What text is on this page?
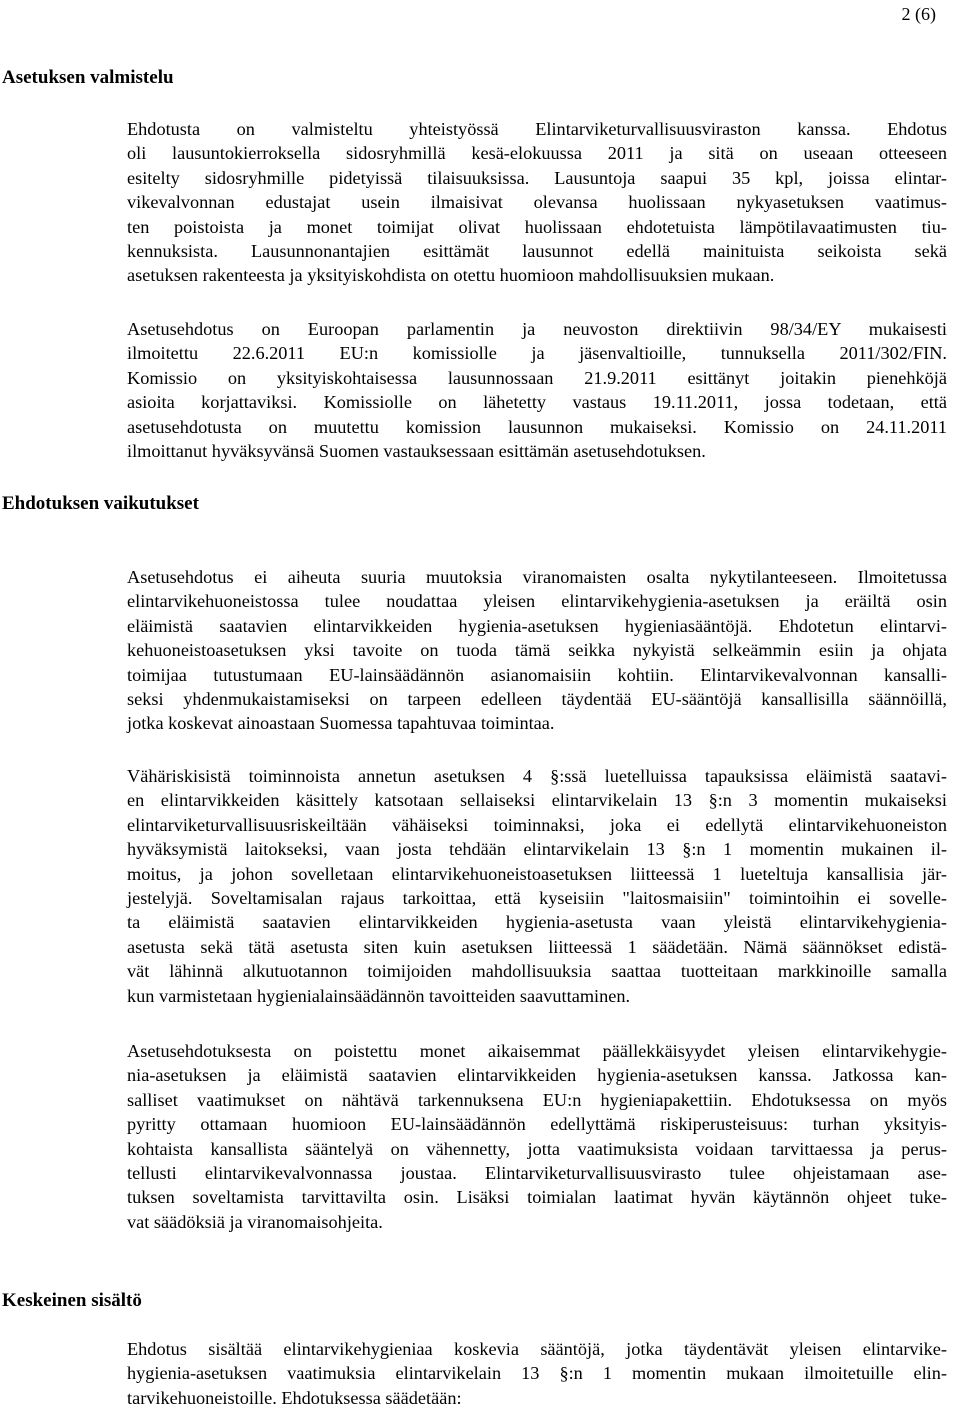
2 (6)
Asetuksen valmistelu
Ehdotusta on valmisteltu yhteistyössä Elintarviketurvallisuusviraston kanssa. Ehdotus
oli lausuntokierroksella sidosryhmillä kesä-elokuussa 2011 ja sitä on useaan otteeseen
esitelty sidosryhmille pidetyissä tilaisuuksissa. Lausuntoja saapui 35 kpl, joissa elintar-
vikevalvonnan edustajat usein ilmaisivat olevansa huolissaan nykyasetuksen vaatimus-
ten poistoista ja monet toimijat olivat huolissaan ehdotetuista lämpötilavaatimusten tiu-
kennuksista. Lausunnonantajien esittämät lausunnot edellä mainituista seikoista sekä
asetuksen rakenteesta ja yksityiskohdista on otettu huomioon mahdollisuuksien mukaan.
Asetusehdotus on Euroopan parlamentin ja neuvoston direktiivin 98/34/EY mukaisesti
ilmoitettu 22.6.2011 EU:n komissiolle ja jäsenvaltioille, tunnuksella 2011/302/FIN.
Komissio on yksityiskohtaisessa lausunnossaan 21.9.2011 esittänyt joitakin pienehköjä
asioita korjattaviksi. Komissiolle on lähetetty vastaus 19.11.2011, jossa todetaan, että
asetusehdotusta on muutettu komission lausunnon mukaiseksi. Komissio on 24.11.2011
ilmoittanut hyväksyvänsä Suomen vastauksessaan esittämän asetusehdotuksen.
Ehdotuksen vaikutukset
Asetusehdotus ei aiheuta suuria muutoksia viranomaisten osalta nykytilanteeseen. Ilmoitetussa
elintarvikehuoneistossa tulee noudattaa yleisen elintarvikehygienia-asetuksen ja eräiltä osin
eläimistä saatavien elintarvikkeiden hygienia-asetuksen hygieniasääntöjä. Ehdotetun elintarvi-
kehuoneistoasetuksen yksi tavoite on tuoda tämä seikka nykyistä selkeämmin esiin ja ohjata
toimijaa tutustumaan EU-lainsäädännön asianomaisiin kohtiin. Elintarvikevalvonnan kansalli-
seksi yhdenmukaistamiseksi on tarpeen edelleen täydentää EU-sääntöjä kansallisilla säännöillä,
jotka koskevat ainoastaan Suomessa tapahtuvaa toimintaa.
Vähäriskisistä toiminnoista annetun asetuksen 4 §:ssä luetelluissa tapauksissa eläimistä saatavi-
en elintarvikkeiden käsittely katsotaan sellaiseksi elintarvikelain 13 §:n 3 momentin mukaiseksi
elintarviketurvallisuusriskeiltään vähäiseksi toiminnaksi, joka ei edellytä elintarvikehuoneiston
hyväksymistä laitokseksi, vaan josta tehdään elintarvikelain 13 §:n 1 momentin mukainen il-
moitus, ja johon sovelletaan elintarvikehuoneistoasetuksen liitteessä 1 lueteltuja kansallisia jär-
jestelyjä. Soveltamisalan rajaus tarkoittaa, että kyseisiin "laitosmaisiin" toimintoihin ei sovelle-
ta eläimistä saatavien elintarvikkeiden hygienia-asetusta vaan yleistä elintarvikehygienia-
asetusta sekä tätä asetusta siten kuin asetuksen liitteessä 1 säädetään. Nämä säännökset edistä-
vät lähinnä alkutuotannon toimijoiden mahdollisuuksia saattaa tuotteitaan markkinoille samalla
kun varmistetaan hygienialainsäädännön tavoitteiden saavuttaminen.
Asetusehdotuksesta on poistettu monet aikaisemmat päällekkäisyydet yleisen elintarvikehygie-
nia-asetuksen ja eläimistä saatavien elintarvikkeiden hygienia-asetuksen kanssa. Jatkossa kan-
salliset vaatimukset on nähtävä tarkennuksena EU:n hygieniapakettiin. Ehdotuksessa on myös
pyritty ottamaan huomioon EU-lainsäädännön edellyttämä riskiperusteisuus: turhan yksityis-
kohtaista kansallista sääntelyä on vähennetty, jotta vaatimuksista voidaan tarvittaessa ja perus-
tellusti elintarvikevalvonnassa joustaa. Elintarviketurvallisuusvirasto tulee ohjeistamaan ase-
tuksen soveltamista tarvittavilta osin. Lisäksi toimialan laatimat hyvän käytännön ohjeet tuke-
vat säädöksiä ja viranomaisohjeita.
Keskeinen sisältö
Ehdotus sisältää elintarvikehygieniaa koskevia sääntöjä, jotka täydentävät yleisen elintarvike-
hygienia-asetuksen vaatimuksia elintarvikelain 13 §:n 1 momentin mukaan ilmoitetuille elin-
tarvikehuoneistoille. Ehdotuksessa säädetään:
